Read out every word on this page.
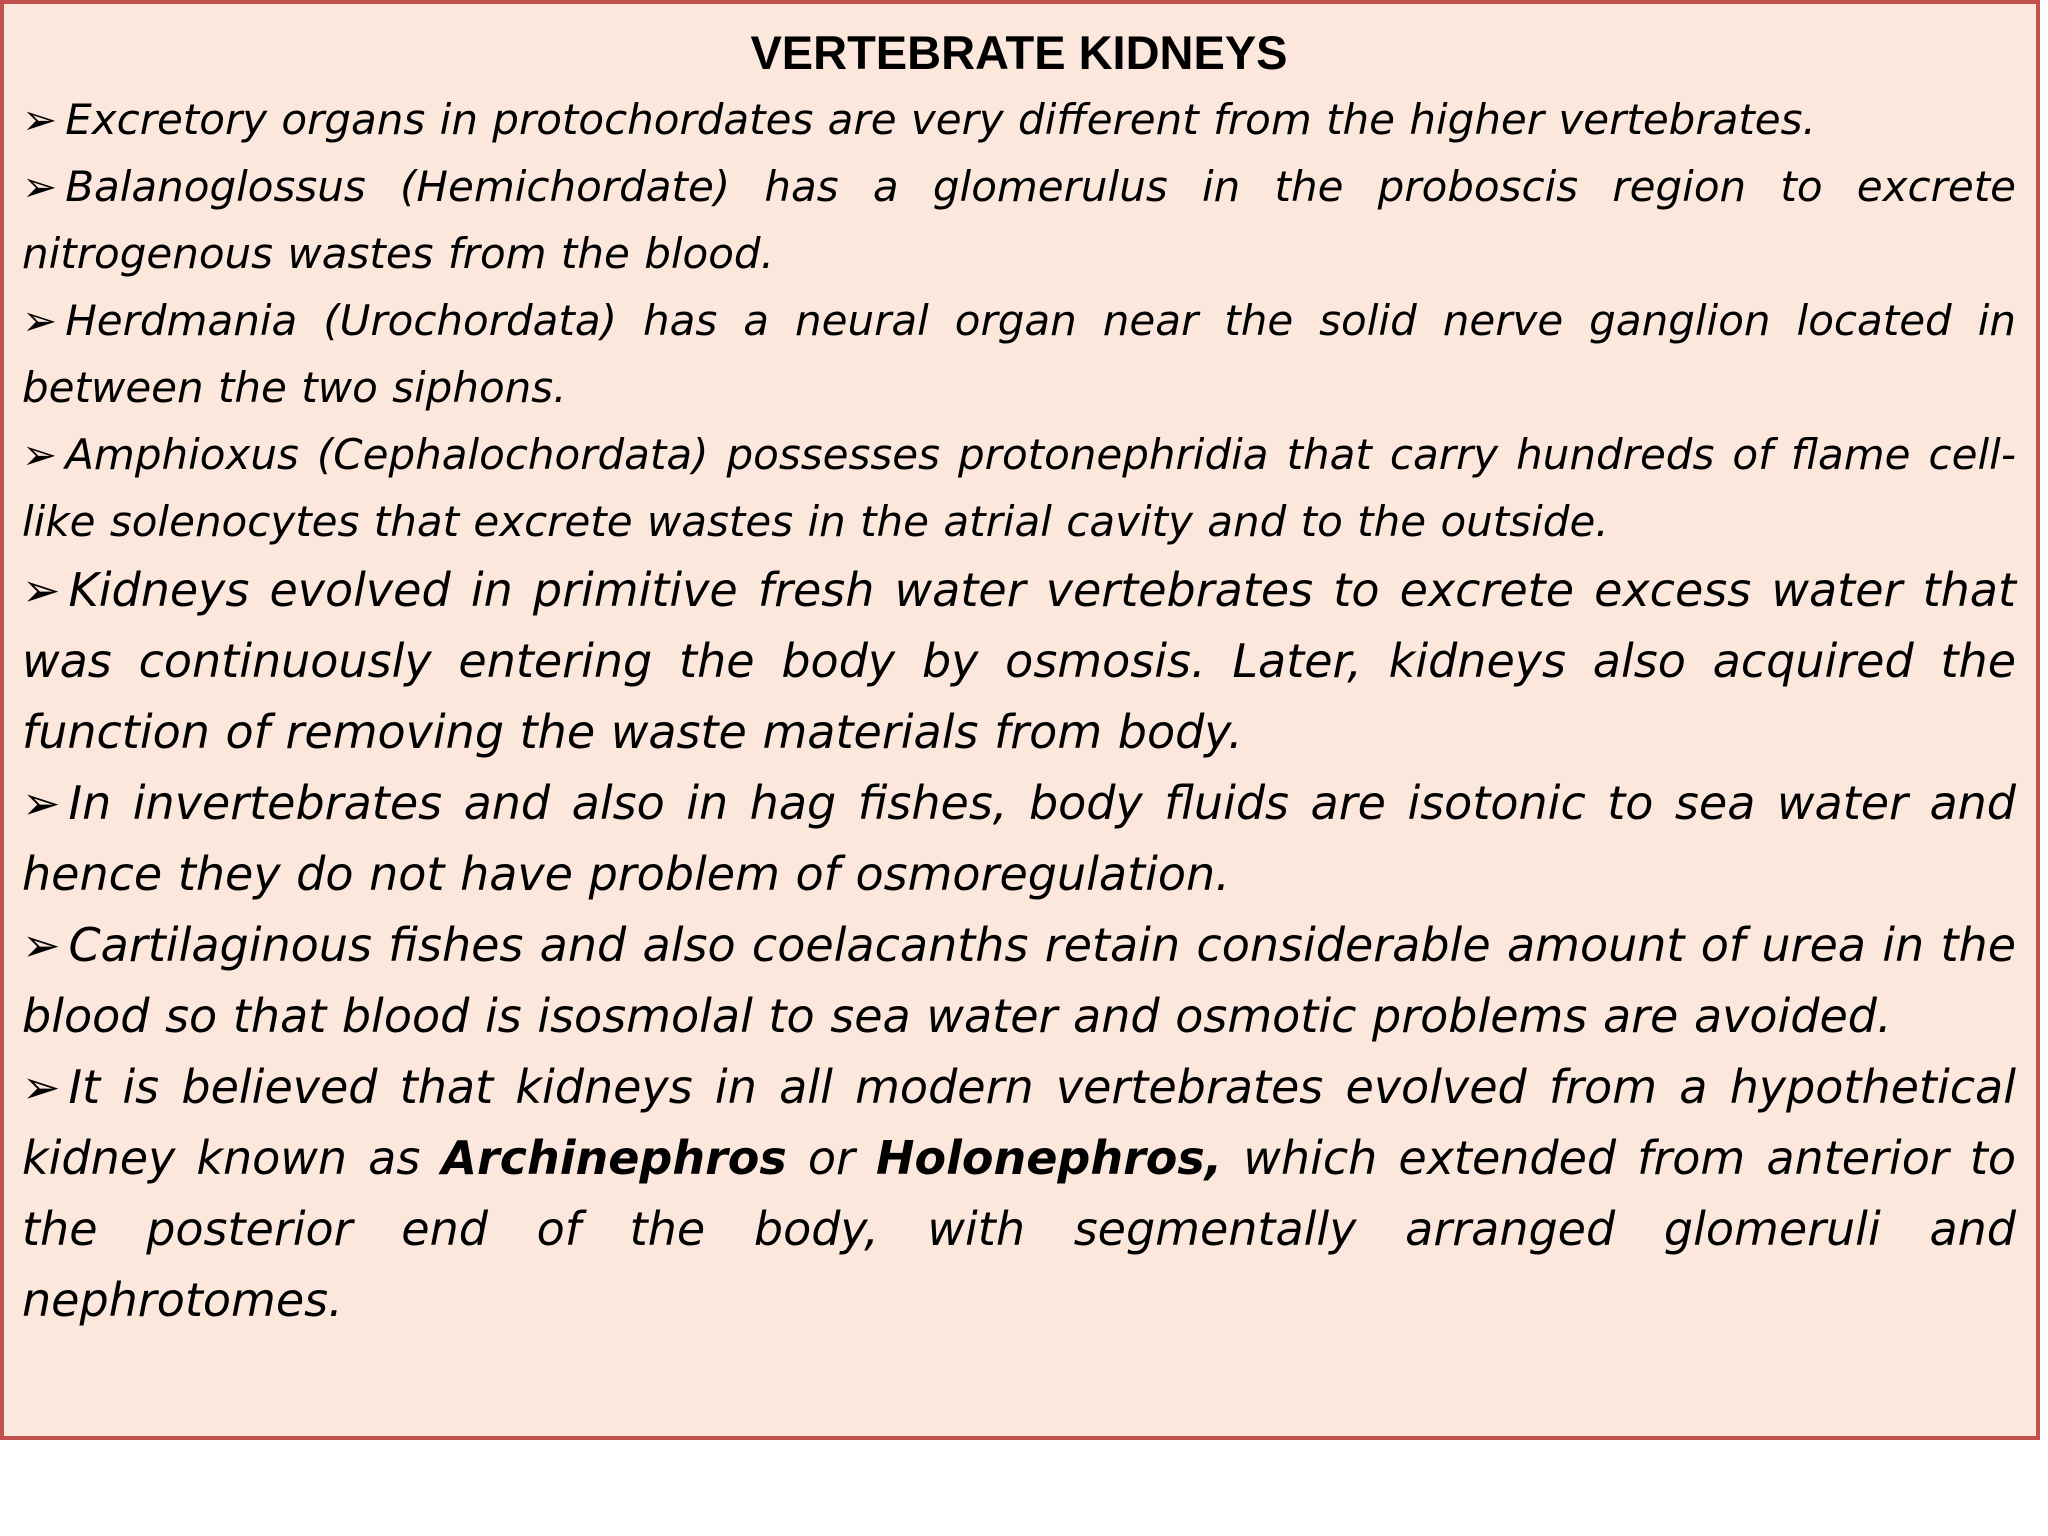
VERTEBRATE KIDNEYS

➢ Excretory organs in protochordates are very different from the higher vertebrates.

➢ Balanoglossus (Hemichordate) has a glomerulus in the proboscis region to excrete nitrogenous wastes from the blood.

➢ Herdmania (Urochordata) has a neural organ near the solid nerve ganglion located in between the two siphons.

➢ Amphioxus (Cephalochordata) possesses protonephridia that carry hundreds of flame cell-like solenocytes that excrete wastes in the atrial cavity and to the outside.

➢ Kidneys evolved in primitive fresh water vertebrates to excrete excess water that was continuously entering the body by osmosis. Later, kidneys also acquired the function of removing the waste materials from body.

➢ In invertebrates and also in hag fishes, body fluids are isotonic to sea water and hence they do not have problem of osmoregulation.

➢ Cartilaginous fishes and also coelacanths retain considerable amount of urea in the blood so that blood is isosmolal to sea water and osmotic problems are avoided.

➢ It is believed that kidneys in all modern vertebrates evolved from a hypothetical kidney known as Archinephros or Holonephros, which extended from anterior to the posterior end of the body, with segmentally arranged glomeruli and nephrotomes.
